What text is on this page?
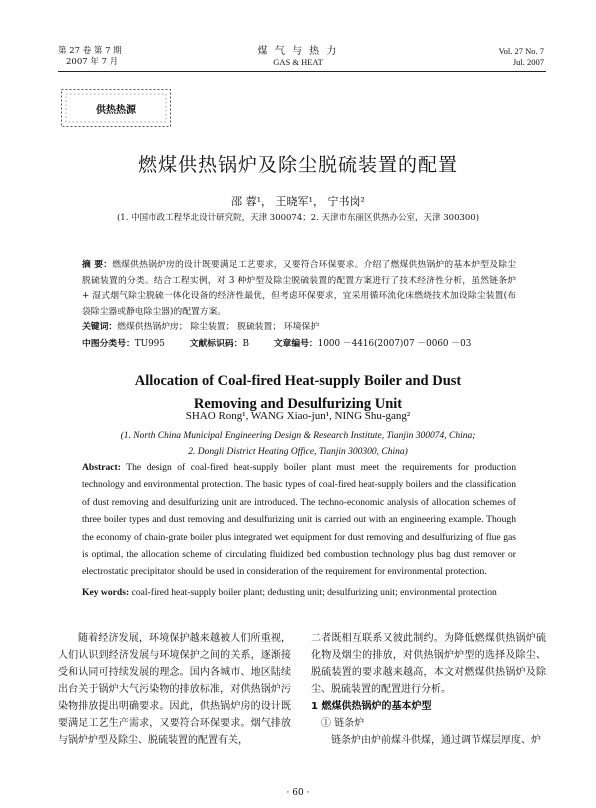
第 27 卷 第 7 期
2007 年 7 月
煤 气 与 热 力
GAS & HEAT
Vol. 27 No. 7
Jul. 2007
供热热源
燃煤供热锅炉及除尘脱硫装置的配置
邵 蓉¹， 王晓军¹， 宁书岗²
(1. 中国市政工程华北设计研究院，天津 300074；2. 天津市东丽区供热办公室，天津 300300)
摘 要：燃煤供热锅炉房的设计既要满足工艺要求，又要符合环保要求。介绍了燃煤供热锅炉的基本炉型及除尘脱硫装置的分类。结合工程实例，对 3 种炉型及除尘脱硫装置的配置方案进行了技术经济性分析，虽然链条炉 + 湿式烟气除尘脱硫一体化设备的经济性最优，但考虑环保要求，宜采用循环流化床燃烧技术加设除尘装置(布袋除尘器或静电除尘器)的配置方案。
关键词：燃煤供热锅炉房； 除尘装置； 脱硫装置； 环境保护
中图分类号：TU995	文献标识码：B	文章编号：1000 －4416(2007)07 －0060 －03
Allocation of Coal-fired Heat-supply Boiler and Dust
Removing and Desulfurizing Unit
SHAO Rong¹, WANG Xiao-jun¹, NING Shu-gang²
(1. North China Municipal Engineering Design & Research Institute, Tianjin 300074, China;
2. Dongli District Heating Office, Tianjin 300300, China)
Abstract: The design of coal-fired heat-supply boiler plant must meet the requirements for production technology and environmental protection. The basic types of coal-fired heat-supply boilers and the classification of dust removing and desulfurizing unit are introduced. The techno-economic analysis of allocation schemes of three boiler types and dust removing and desulfurizing unit is carried out with an engineering example. Though the economy of chain-grate boiler plus integrated wet equipment for dust removing and desulfurizing of flue gas is optimal, the allocation scheme of circulating fluidized bed combustion technology plus bag dust remover or electrostatic precipitator should be used in consideration of the requirement for environmental protection.
Key words: coal-fired heat-supply boiler plant; dedusting unit; desulfurizing unit; environmental protection
随着经济发展，环境保护越来越被人们所重视，人们认识到经济发展与环境保护之间的关系，逐渐接受和认同可持续发展的理念。国内各城市、地区陆续出台关于锅炉大气污染物的排放标准，对供热锅炉污染物排放提出明确要求。因此，供热锅炉房的设计既要满足工艺生产需求，又要符合环保要求。烟气排放与锅炉炉型及除尘、脱硫装置的配置有关，
二者既相互联系又彼此制约。为降低燃煤供热锅炉硫化物及烟尘的排放，对供热锅炉炉型的选择及除尘、脱硫装置的要求越来越高，本文对燃煤供热锅炉及除尘、脱硫装置的配置进行分析。
1 燃煤供热锅炉的基本炉型
① 链条炉
链条炉由炉前煤斗供煤，通过调节煤层厚度、炉
· 60 ·
